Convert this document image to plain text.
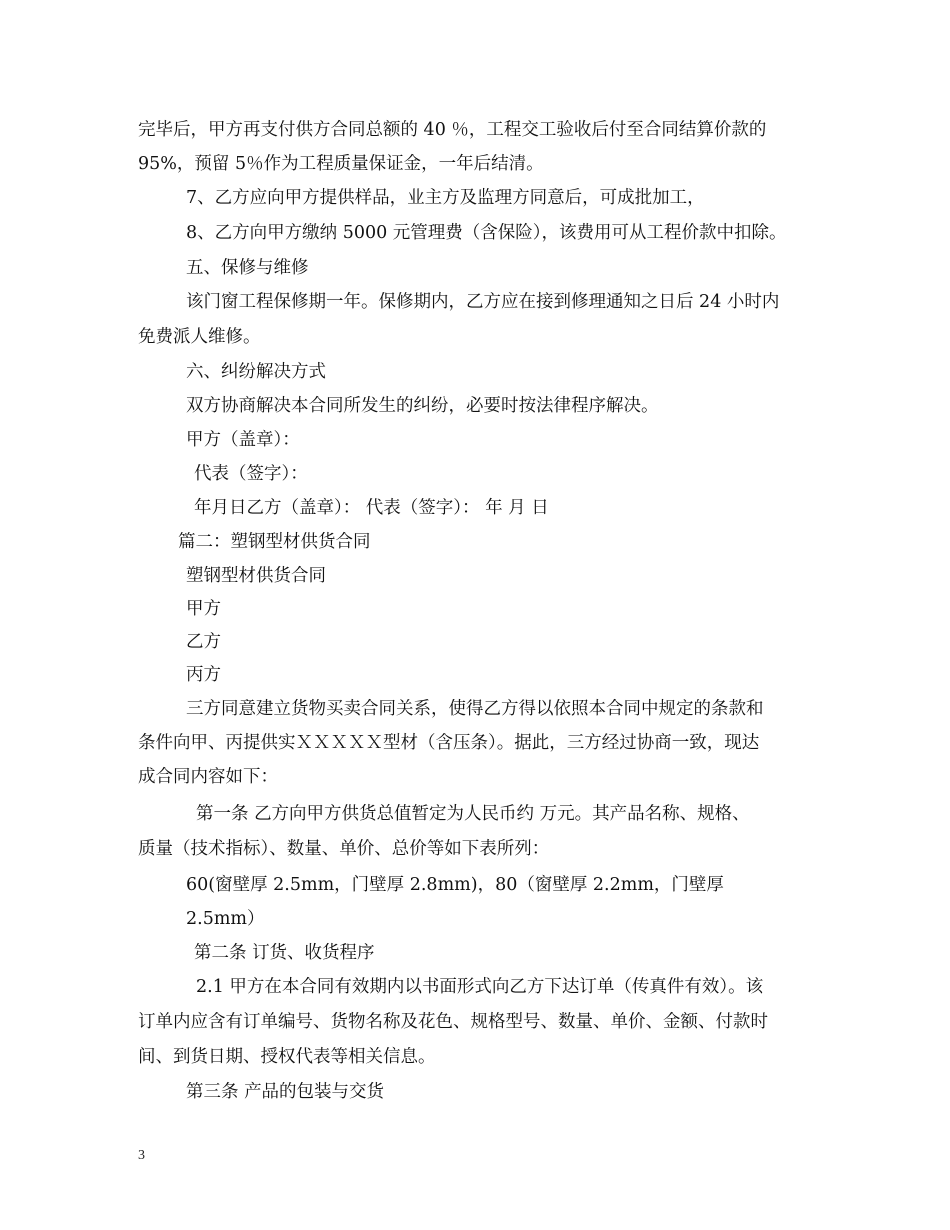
完毕后，甲方再支付供方合同总额的 40 ％，工程交工验收后付至合同结算价款的
95%，预留 5％作为工程质量保证金，一年后结清。
7、乙方应向甲方提供样品，业主方及监理方同意后，可成批加工，
8、乙方向甲方缴纳 5000 元管理费（含保险），该费用可从工程价款中扣除。
五、保修与维修
该门窗工程保修期一年。保修期内，乙方应在接到修理通知之日后 24 小时内
免费派人维修。
六、纠纷解决方式
双方协商解决本合同所发生的纠纷，必要时按法律程序解决。
甲方（盖章）：
代表（签字）：
年月日乙方（盖章）： 代表（签字）： 年 月 日
篇二：塑钢型材供货合同
塑钢型材供货合同
甲方
乙方
丙方
三方同意建立货物买卖合同关系，使得乙方得以依照本合同中规定的条款和
条件向甲、丙提供实ＸＸＸＸＸ型材（含压条）。据此，三方经过协商一致，现达
成合同内容如下：
第一条 乙方向甲方供货总值暂定为人民币约 万元。其产品名称、规格、
质量（技术指标）、数量、单价、总价等如下表所列：
60(窗壁厚 2.5mm，门壁厚 2.8mm)，80（窗壁厚 2.2mm，门壁厚
2.5mm）
第二条 订货、收货程序
2.1 甲方在本合同有效期内以书面形式向乙方下达订单（传真件有效）。该
订单内应含有订单编号、货物名称及花色、规格型号、数量、单价、金额、付款时
间、到货日期、授权代表等相关信息。
第三条 产品的包装与交货
3
